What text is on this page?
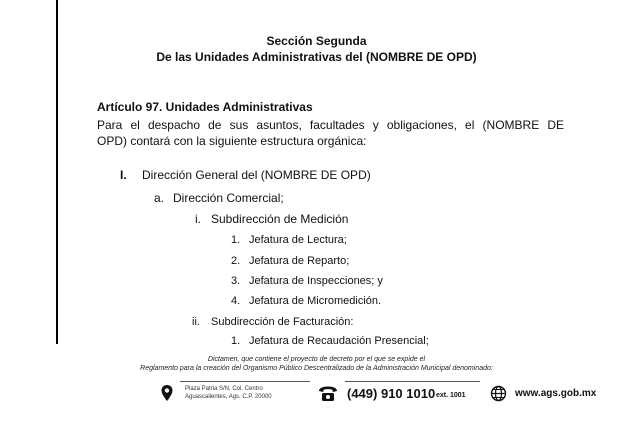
Sección Segunda
De las Unidades Administrativas del (NOMBRE DE OPD)
Artículo 97. Unidades Administrativas
Para el despacho de sus asuntos, facultades y obligaciones, el (NOMBRE DE
OPD) contará con la siguiente estructura orgánica:
I. Dirección General del (NOMBRE DE OPD)
a. Dirección Comercial;
i. Subdirección de Medición
1. Jefatura de Lectura;
2. Jefatura de Reparto;
3. Jefatura de Inspecciones; y
4. Jefatura de Micromedición.
ii. Subdirección de Facturación:
1. Jefatura de Recaudación Presencial;
Dictamen, que contiene el proyecto de decreto por el que se expide el
Reglamento para la creación del Organismo Público Descentralizado de la Administración Municipal denominado:
Plaza Patria S/N, Col. Centro
Aguascalientes, Ags. C.P. 20000	(449) 910 1010 ext. 1001	www.ags.gob.mx
